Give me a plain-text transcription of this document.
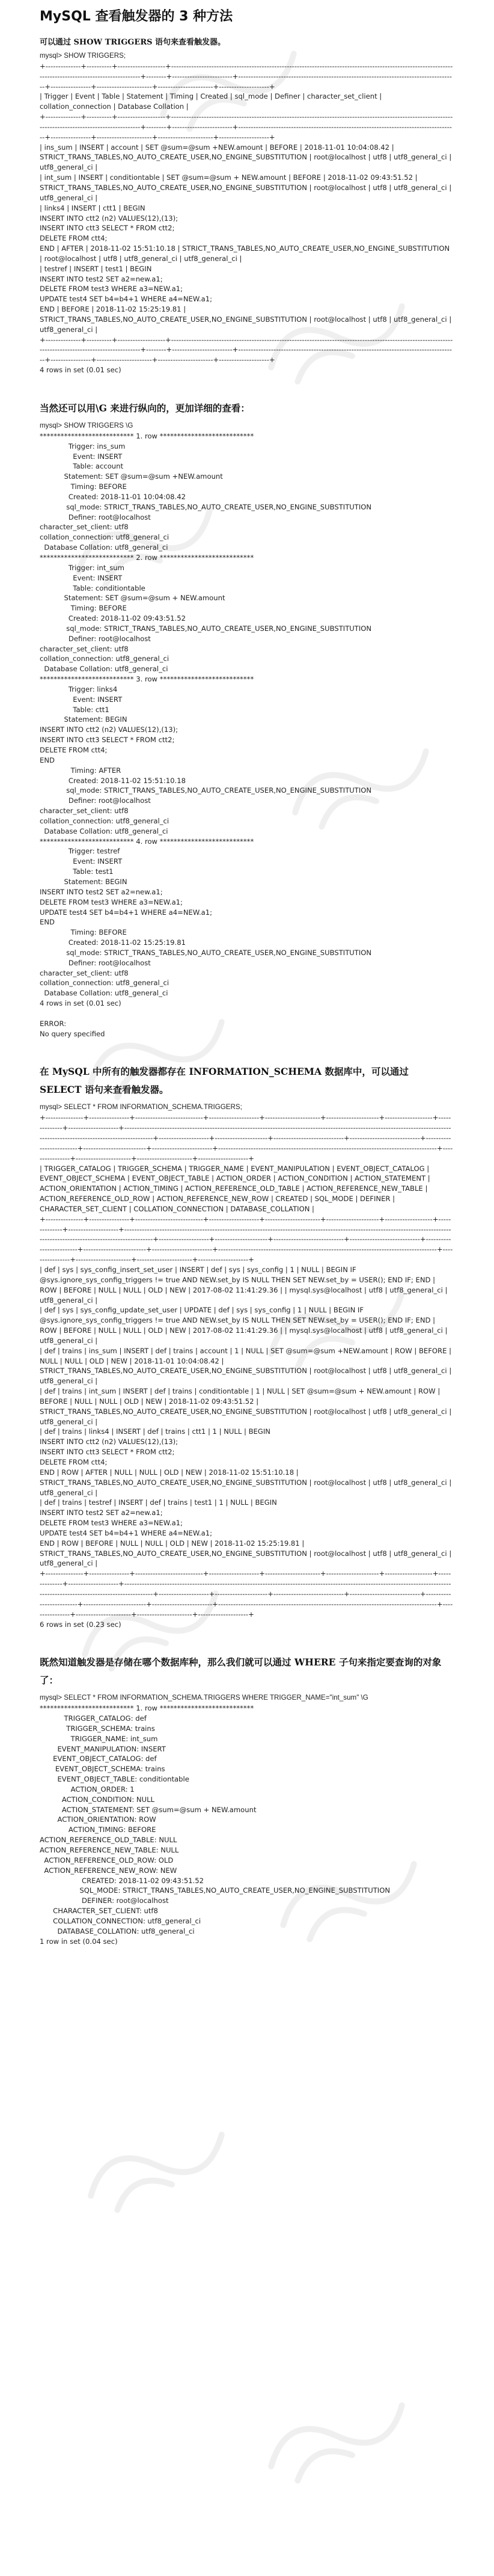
MySQL 查看触发器的 3 种方法
可以通过 SHOW TRIGGERS 语句来查看触发器。

mysql> SHOW TRIGGERS;

+--------------+----------+-------------------+--------------------------------------------------------------------------------------------------------------------------------------------------------+--------+------------------------+---------------------------------------------------------------------------------------+----------------+----------------------+----------------------+--------------------+
| Trigger | Event | Table | Statement | Timing | Created | sql_mode | Definer | character_set_client | collation_connection | Database Collation |
+--------------+----------+-------------------+--------------------------------------------------------------------------------------------------------------------------------------------------------+--------+------------------------+---------------------------------------------------------------------------------------+----------------+----------------------+----------------------+--------------------+
| ins_sum | INSERT | account | SET @sum=@sum +NEW.amount | BEFORE | 2018-11-01 10:04:08.42 | STRICT_TRANS_TABLES,NO_AUTO_CREATE_USER,NO_ENGINE_SUBSTITUTION | root@localhost | utf8 | utf8_general_ci | utf8_general_ci |
| int_sum | INSERT | conditiontable | SET @sum=@sum + NEW.amount | BEFORE | 2018-11-02 09:43:51.52 | STRICT_TRANS_TABLES,NO_AUTO_CREATE_USER,NO_ENGINE_SUBSTITUTION | root@localhost | utf8 | utf8_general_ci | utf8_general_ci |
| links4 | INSERT | ctt1 | BEGIN
INSERT INTO ctt2 (n2) VALUES(12),(13);
INSERT INTO ctt3 SELECT * FROM ctt2;
DELETE FROM ctt4;
END | AFTER | 2018-11-02 15:51:10.18 | STRICT_TRANS_TABLES,NO_AUTO_CREATE_USER,NO_ENGINE_SUBSTITUTION | root@localhost | utf8 | utf8_general_ci | utf8_general_ci |
| testref | INSERT | test1 | BEGIN
INSERT INTO test2 SET a2=new.a1;
DELETE FROM test3 WHERE a3=NEW.a1;
UPDATE test4 SET b4=b4+1 WHERE a4=NEW.a1;
END | BEFORE | 2018-11-02 15:25:19.81 | STRICT_TRANS_TABLES,NO_AUTO_CREATE_USER,NO_ENGINE_SUBSTITUTION | root@localhost | utf8 | utf8_general_ci | utf8_general_ci |
+--------------+----------+-------------------+--------------------------------------------------------------------------------------------------------------------------------------------------------+--------+------------------------+---------------------------------------------------------------------------------------+----------------+----------------------+----------------------+--------------------+
4 rows in set (0.01 sec)
当然还可以用\G 来进行纵向的，更加详细的查看：

mysql> SHOW TRIGGERS \G

*************************** 1. row ***************************
Trigger: ins_sum
Event: INSERT
Table: account
Statement: SET @sum=@sum +NEW.amount
Timing: BEFORE
Created: 2018-11-01 10:04:08.42
sql_mode: STRICT_TRANS_TABLES,NO_AUTO_CREATE_USER,NO_ENGINE_SUBSTITUTION
Definer: root@localhost
character_set_client: utf8
collation_connection: utf8_general_ci
Database Collation: utf8_general_ci
*************************** 2. row ***************************
Trigger: int_sum
Event: INSERT
Table: conditiontable
Statement: SET @sum=@sum + NEW.amount
Timing: BEFORE
Created: 2018-11-02 09:43:51.52
sql_mode: STRICT_TRANS_TABLES,NO_AUTO_CREATE_USER,NO_ENGINE_SUBSTITUTION
Definer: root@localhost
character_set_client: utf8
collation_connection: utf8_general_ci
Database Collation: utf8_general_ci
*************************** 3. row ***************************
Trigger: links4
Event: INSERT
Table: ctt1
Statement: BEGIN
INSERT INTO ctt2 (n2) VALUES(12),(13);
INSERT INTO ctt3 SELECT * FROM ctt2;
DELETE FROM ctt4;
END
Timing: AFTER
Created: 2018-11-02 15:51:10.18
sql_mode: STRICT_TRANS_TABLES,NO_AUTO_CREATE_USER,NO_ENGINE_SUBSTITUTION
Definer: root@localhost
character_set_client: utf8
collation_connection: utf8_general_ci
Database Collation: utf8_general_ci
*************************** 4. row ***************************
Trigger: testref
Event: INSERT
Table: test1
Statement: BEGIN
INSERT INTO test2 SET a2=new.a1;
DELETE FROM test3 WHERE a3=NEW.a1;
UPDATE test4 SET b4=b4+1 WHERE a4=NEW.a1;
END
Timing: BEFORE
Created: 2018-11-02 15:25:19.81
sql_mode: STRICT_TRANS_TABLES,NO_AUTO_CREATE_USER,NO_ENGINE_SUBSTITUTION
Definer: root@localhost
character_set_client: utf8
collation_connection: utf8_general_ci
Database Collation: utf8_general_ci
4 rows in set (0.01 sec)

ERROR:
No query specified
在 MySQL 中所有的触发器都存在 INFORMATION_SCHEMA 数据库中，可以通过 SELECT 语句来查看触发器。

mysql> SELECT * FROM INFORMATION_SCHEMA.TRIGGERS;

+---------------+----------------+---------------------------+--------------------+----------------------+---------------------+-------------------+--------------+--------------------+-------------------------------------------------------------------------------------------------------------------------------------------------------------------------------+--------------------+---------------------+----------------------------+----------------------------+-------------------------+-------------------------+------------------------+---------------------------------------------------------------------------------------+----------------+----------------------+----------------------+--------------------+
| TRIGGER_CATALOG | TRIGGER_SCHEMA | TRIGGER_NAME | EVENT_MANIPULATION | EVENT_OBJECT_CATALOG | EVENT_OBJECT_SCHEMA | EVENT_OBJECT_TABLE | ACTION_ORDER | ACTION_CONDITION | ACTION_STATEMENT | ACTION_ORIENTATION | ACTION_TIMING | ACTION_REFERENCE_OLD_TABLE | ACTION_REFERENCE_NEW_TABLE | ACTION_REFERENCE_OLD_ROW | ACTION_REFERENCE_NEW_ROW | CREATED | SQL_MODE | DEFINER | CHARACTER_SET_CLIENT | COLLATION_CONNECTION | DATABASE_COLLATION |
+---------------+----------------+---------------------------+--------------------+----------------------+---------------------+-------------------+--------------+--------------------+-------------------------------------------------------------------------------------------------------------------------------------------------------------------------------+--------------------+---------------------+----------------------------+----------------------------+-------------------------+-------------------------+------------------------+---------------------------------------------------------------------------------------+----------------+----------------------+----------------------+--------------------+
| def | sys | sys_config_insert_set_user | INSERT | def | sys | sys_config | 1 | NULL | BEGIN IF @sys.ignore_sys_config_triggers != true AND NEW.set_by IS NULL THEN SET NEW.set_by = USER(); END IF; END | ROW | BEFORE | NULL | NULL | OLD | NEW | 2017-08-02 11:41:29.36 | | mysql.sys@localhost | utf8 | utf8_general_ci | utf8_general_ci |
| def | sys | sys_config_update_set_user | UPDATE | def | sys | sys_config | 1 | NULL | BEGIN IF @sys.ignore_sys_config_triggers != true AND NEW.set_by IS NULL THEN SET NEW.set_by = USER(); END IF; END | ROW | BEFORE | NULL | NULL | OLD | NEW | 2017-08-02 11:41:29.36 | | mysql.sys@localhost | utf8 | utf8_general_ci | utf8_general_ci |
| def | trains | ins_sum | INSERT | def | trains | account | 1 | NULL | SET @sum=@sum +NEW.amount | ROW | BEFORE | NULL | NULL | OLD | NEW | 2018-11-01 10:04:08.42 | STRICT_TRANS_TABLES,NO_AUTO_CREATE_USER,NO_ENGINE_SUBSTITUTION | root@localhost | utf8 | utf8_general_ci | utf8_general_ci |
| def | trains | int_sum | INSERT | def | trains | conditiontable | 1 | NULL | SET @sum=@sum + NEW.amount | ROW | BEFORE | NULL | NULL | OLD | NEW | 2018-11-02 09:43:51.52 | STRICT_TRANS_TABLES,NO_AUTO_CREATE_USER,NO_ENGINE_SUBSTITUTION | root@localhost | utf8 | utf8_general_ci | utf8_general_ci |
| def | trains | links4 | INSERT | def | trains | ctt1 | 1 | NULL | BEGIN
INSERT INTO ctt2 (n2) VALUES(12),(13);
INSERT INTO ctt3 SELECT * FROM ctt2;
DELETE FROM ctt4;
END | ROW | AFTER | NULL | NULL | OLD | NEW | 2018-11-02 15:51:10.18 | STRICT_TRANS_TABLES,NO_AUTO_CREATE_USER,NO_ENGINE_SUBSTITUTION | root@localhost | utf8 | utf8_general_ci | utf8_general_ci |
| def | trains | testref | INSERT | def | trains | test1 | 1 | NULL | BEGIN
INSERT INTO test2 SET a2=new.a1;
DELETE FROM test3 WHERE a3=NEW.a1;
UPDATE test4 SET b4=b4+1 WHERE a4=NEW.a1;
END | ROW | BEFORE | NULL | NULL | OLD | NEW | 2018-11-02 15:25:19.81 | STRICT_TRANS_TABLES,NO_AUTO_CREATE_USER,NO_ENGINE_SUBSTITUTION | root@localhost | utf8 | utf8_general_ci | utf8_general_ci |
+---------------+----------------+---------------------------+--------------------+----------------------+---------------------+-------------------+--------------+--------------------+-------------------------------------------------------------------------------------------------------------------------------------------------------------------------------+--------------------+---------------------+----------------------------+----------------------------+-------------------------+-------------------------+------------------------+---------------------------------------------------------------------------------------+----------------+----------------------+----------------------+--------------------+
6 rows in set (0.23 sec)
既然知道触发器是存储在哪个数据库种，那么我们就可以通过 WHERE 子句来指定要查询的对象了：

mysql> SELECT * FROM INFORMATION_SCHEMA.TRIGGERS WHERE TRIGGER_NAME="int_sum" \G

*************************** 1. row ***************************
TRIGGER_CATALOG: def
TRIGGER_SCHEMA: trains
TRIGGER_NAME: int_sum
EVENT_MANIPULATION: INSERT
EVENT_OBJECT_CATALOG: def
EVENT_OBJECT_SCHEMA: trains
EVENT_OBJECT_TABLE: conditiontable
ACTION_ORDER: 1
ACTION_CONDITION: NULL
ACTION_STATEMENT: SET @sum=@sum + NEW.amount
ACTION_ORIENTATION: ROW
ACTION_TIMING: BEFORE
ACTION_REFERENCE_OLD_TABLE: NULL
ACTION_REFERENCE_NEW_TABLE: NULL
ACTION_REFERENCE_OLD_ROW: OLD
ACTION_REFERENCE_NEW_ROW: NEW
CREATED: 2018-11-02 09:43:51.52
SQL_MODE: STRICT_TRANS_TABLES,NO_AUTO_CREATE_USER,NO_ENGINE_SUBSTITUTION
DEFINER: root@localhost
CHARACTER_SET_CLIENT: utf8
COLLATION_CONNECTION: utf8_general_ci
DATABASE_COLLATION: utf8_general_ci
1 row in set (0.04 sec)
